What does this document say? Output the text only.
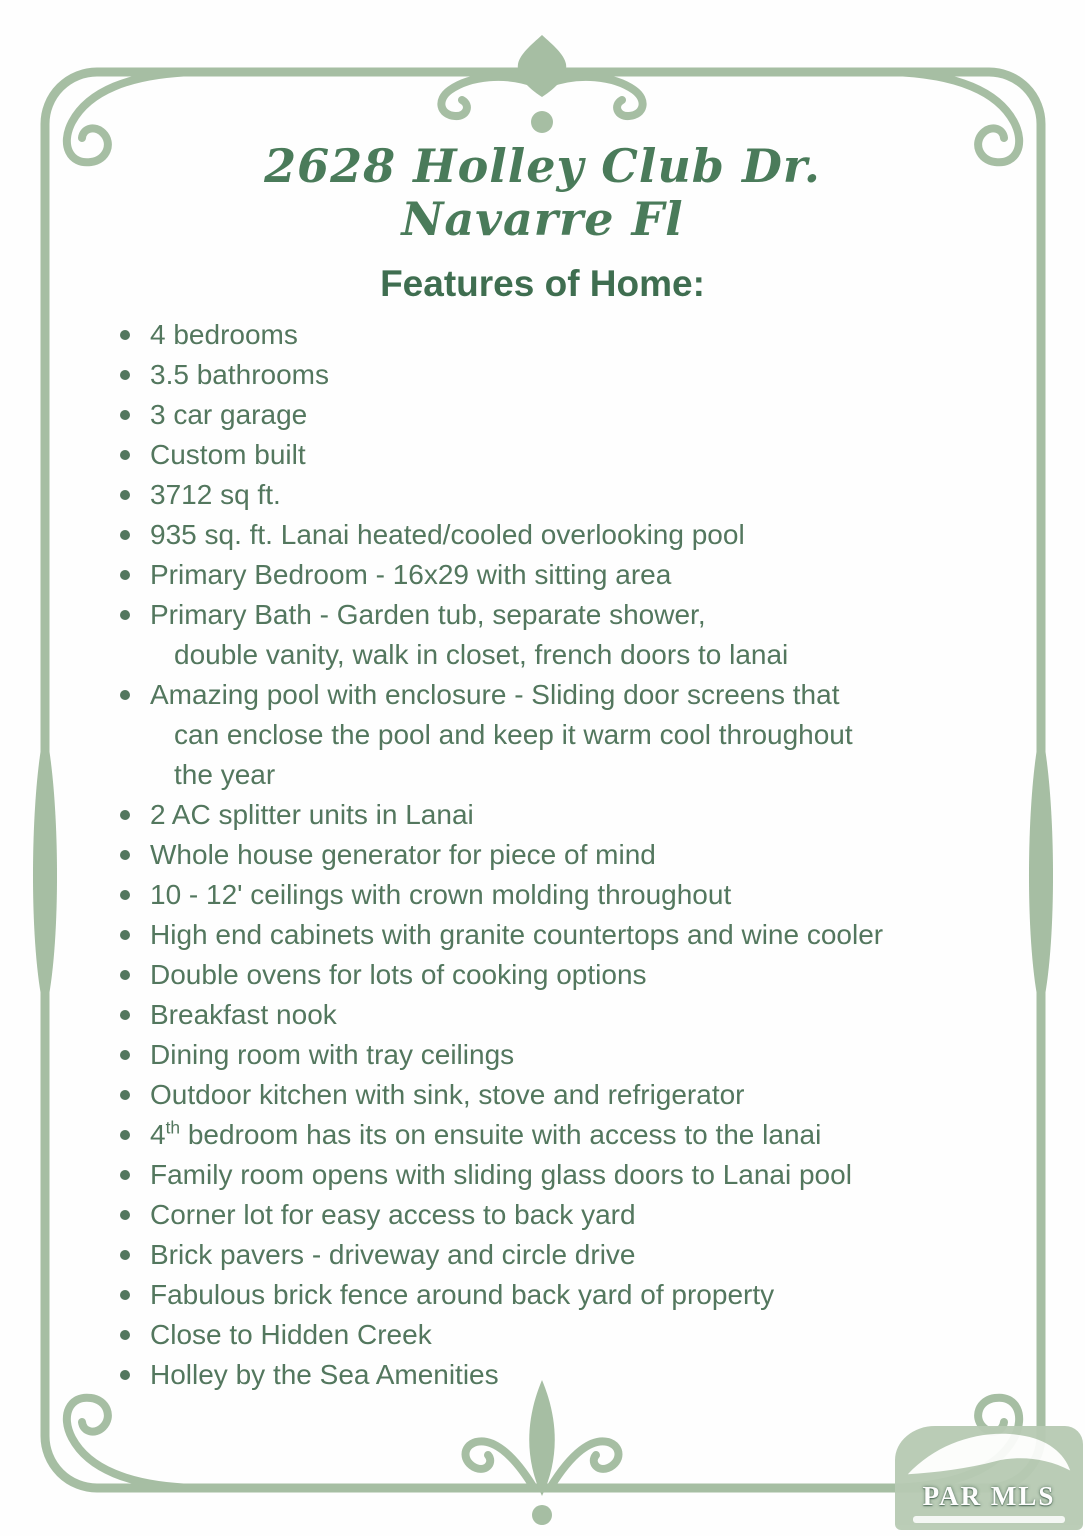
2628 Holley Club Dr.
Navarre Fl
Features of Home:
4 bedrooms
3.5 bathrooms
3 car garage
Custom built
3712 sq ft.
935 sq. ft. Lanai heated/cooled overlooking pool
Primary Bedroom - 16x29 with sitting area
Primary Bath - Garden tub, separate shower,
double vanity, walk in closet, french doors to lanai
Amazing pool with enclosure - Sliding door screens that
can enclose the pool and keep it warm cool throughout
the year
2 AC splitter units in Lanai
Whole house generator for piece of mind
10 - 12' ceilings with crown molding throughout
High end cabinets with granite countertops and wine cooler
Double ovens for lots of cooking options
Breakfast nook
Dining room with tray ceilings
Outdoor kitchen with sink, stove and refrigerator
4th bedroom has its on ensuite with access to the lanai
Family room opens with sliding glass doors to Lanai pool
Corner lot for easy access to back yard
Brick pavers - driveway and circle drive
Fabulous brick fence around back yard of property
Close to Hidden Creek
Holley by the Sea Amenities
PAR MLS
